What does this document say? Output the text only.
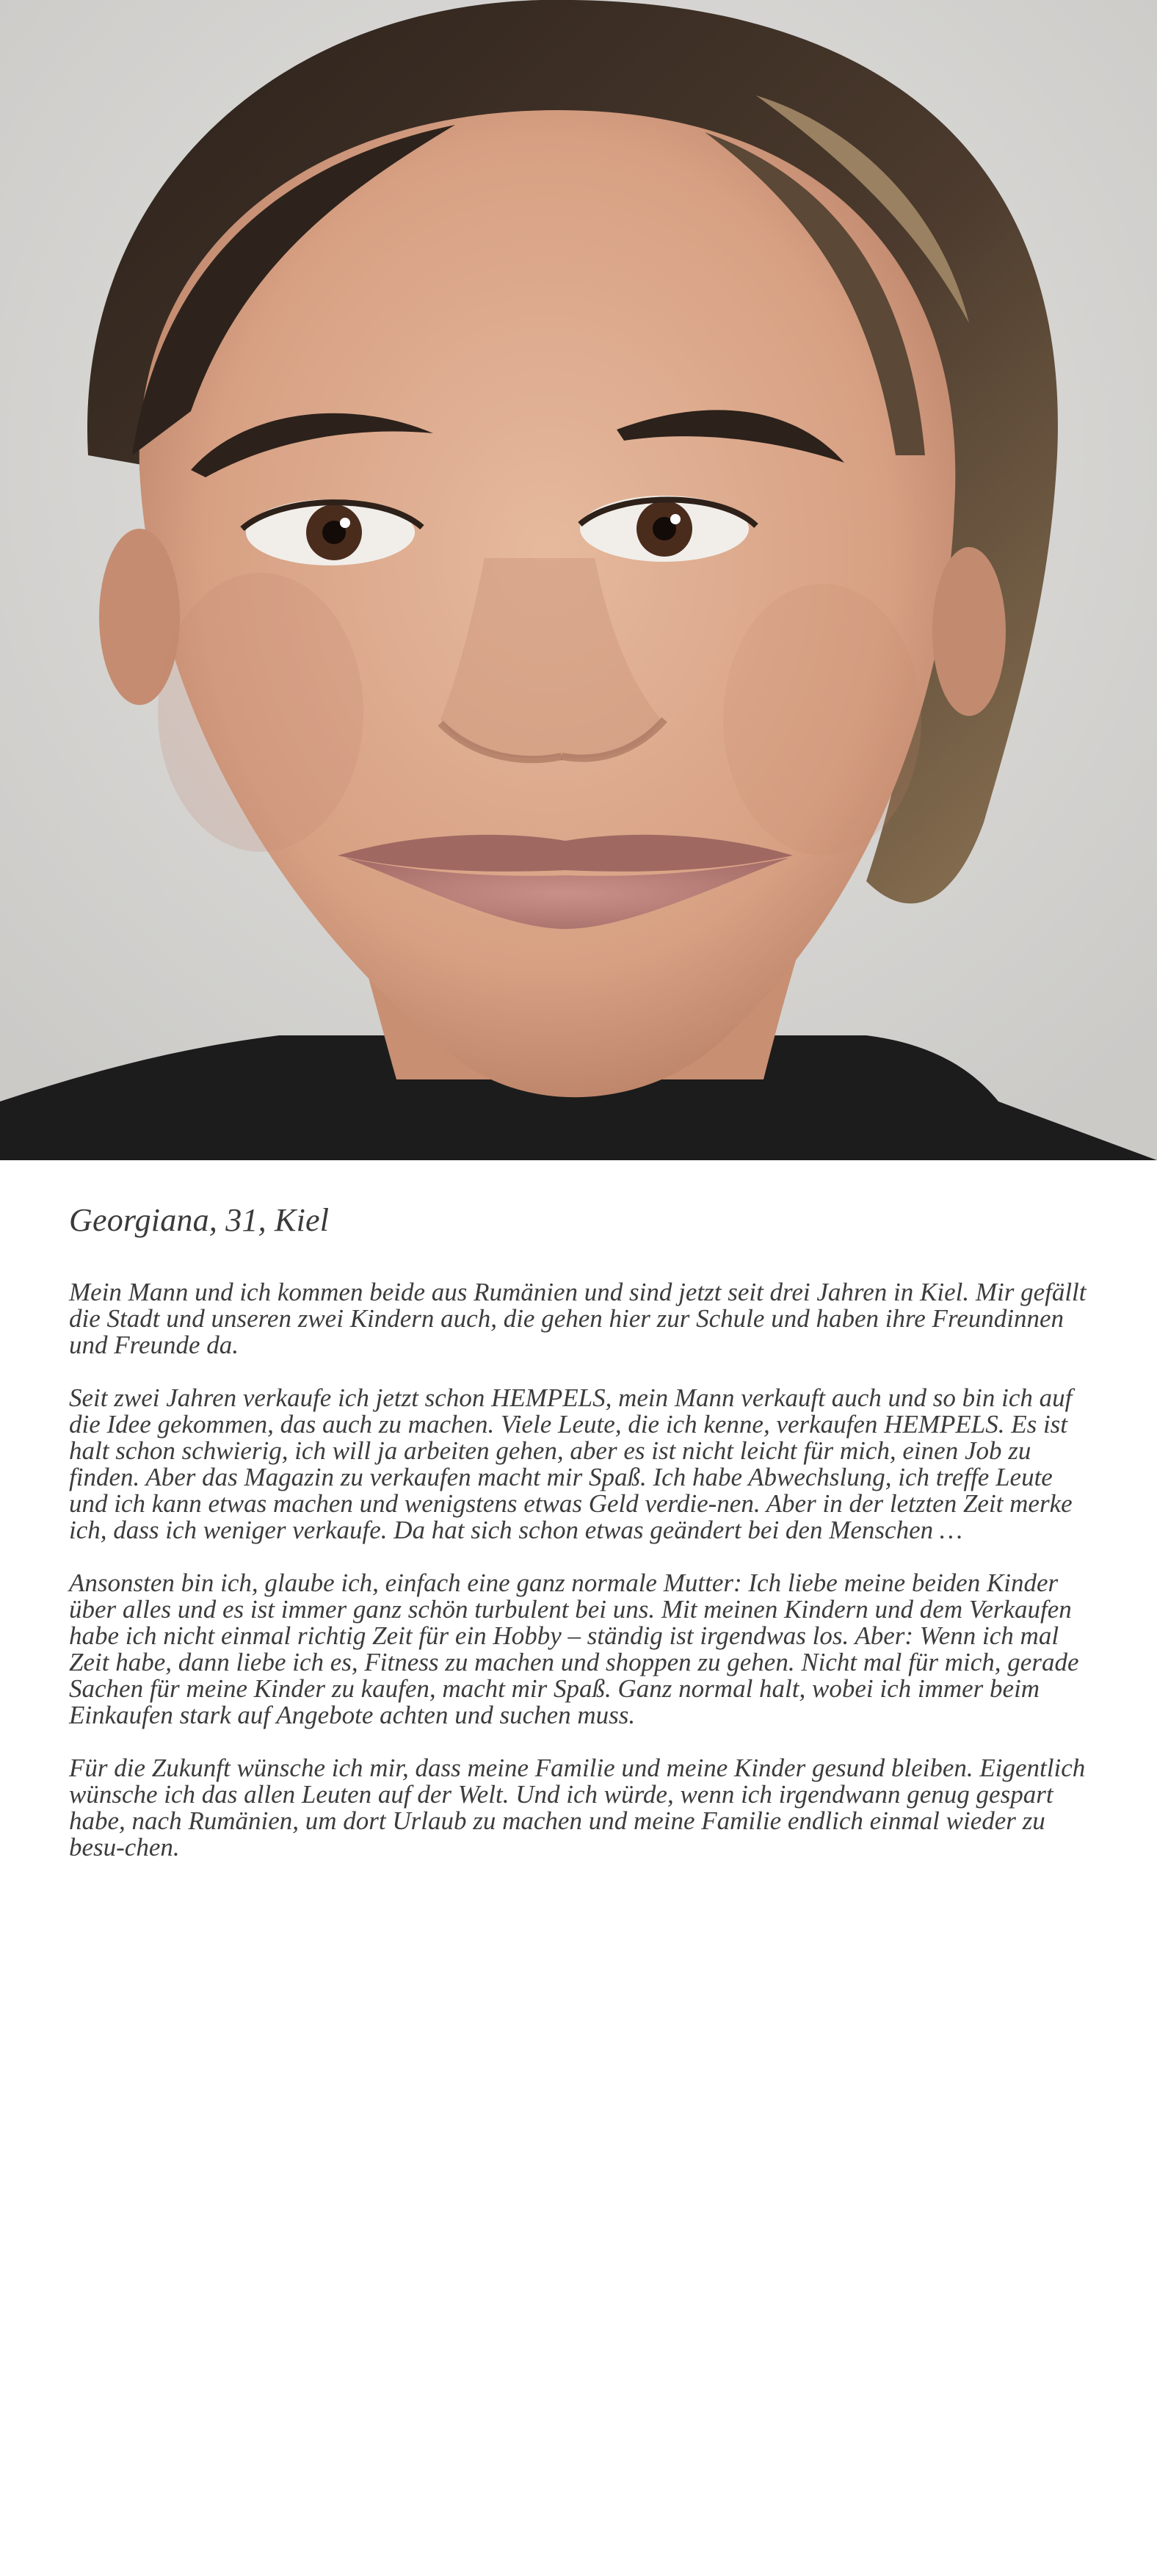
Georgiana, 31, Kiel

Mein Mann und ich kommen beide aus Rumänien und sind jetzt seit drei Jahren in Kiel. Mir gefällt die Stadt und unseren zwei Kindern auch, die gehen hier zur Schule und haben ihre Freundinnen und Freunde da.

Seit zwei Jahren verkaufe ich jetzt schon HEMPELS, mein Mann verkauft auch und so bin ich auf die Idee gekommen, das auch zu machen. Viele Leute, die ich kenne, verkaufen HEMPELS. Es ist halt schon schwierig, ich will ja arbeiten gehen, aber es ist nicht leicht für mich, einen Job zu finden. Aber das Magazin zu verkaufen macht mir Spaß. Ich habe Abwechslung, ich treffe Leute und ich kann etwas machen und wenigstens etwas Geld verdie-nen. Aber in der letzten Zeit merke ich, dass ich weniger verkaufe. Da hat sich schon etwas geändert bei den Menschen …

Ansonsten bin ich, glaube ich, einfach eine ganz normale Mutter: Ich liebe meine beiden Kinder über alles und es ist immer ganz schön turbulent bei uns. Mit meinen Kindern und dem Verkaufen habe ich nicht einmal richtig Zeit für ein Hobby – ständig ist irgendwas los. Aber: Wenn ich mal Zeit habe, dann liebe ich es, Fitness zu machen und shoppen zu gehen. Nicht mal für mich, gerade Sachen für meine Kinder zu kaufen, macht mir Spaß. Ganz normal halt, wobei ich immer beim Einkaufen stark auf Angebote achten und suchen muss.

Für die Zukunft wünsche ich mir, dass meine Familie und meine Kinder gesund bleiben. Eigentlich wünsche ich das allen Leuten auf der Welt. Und ich würde, wenn ich irgendwann genug gespart habe, nach Rumänien, um dort Urlaub zu machen und meine Familie endlich einmal wieder zu besu-chen.
